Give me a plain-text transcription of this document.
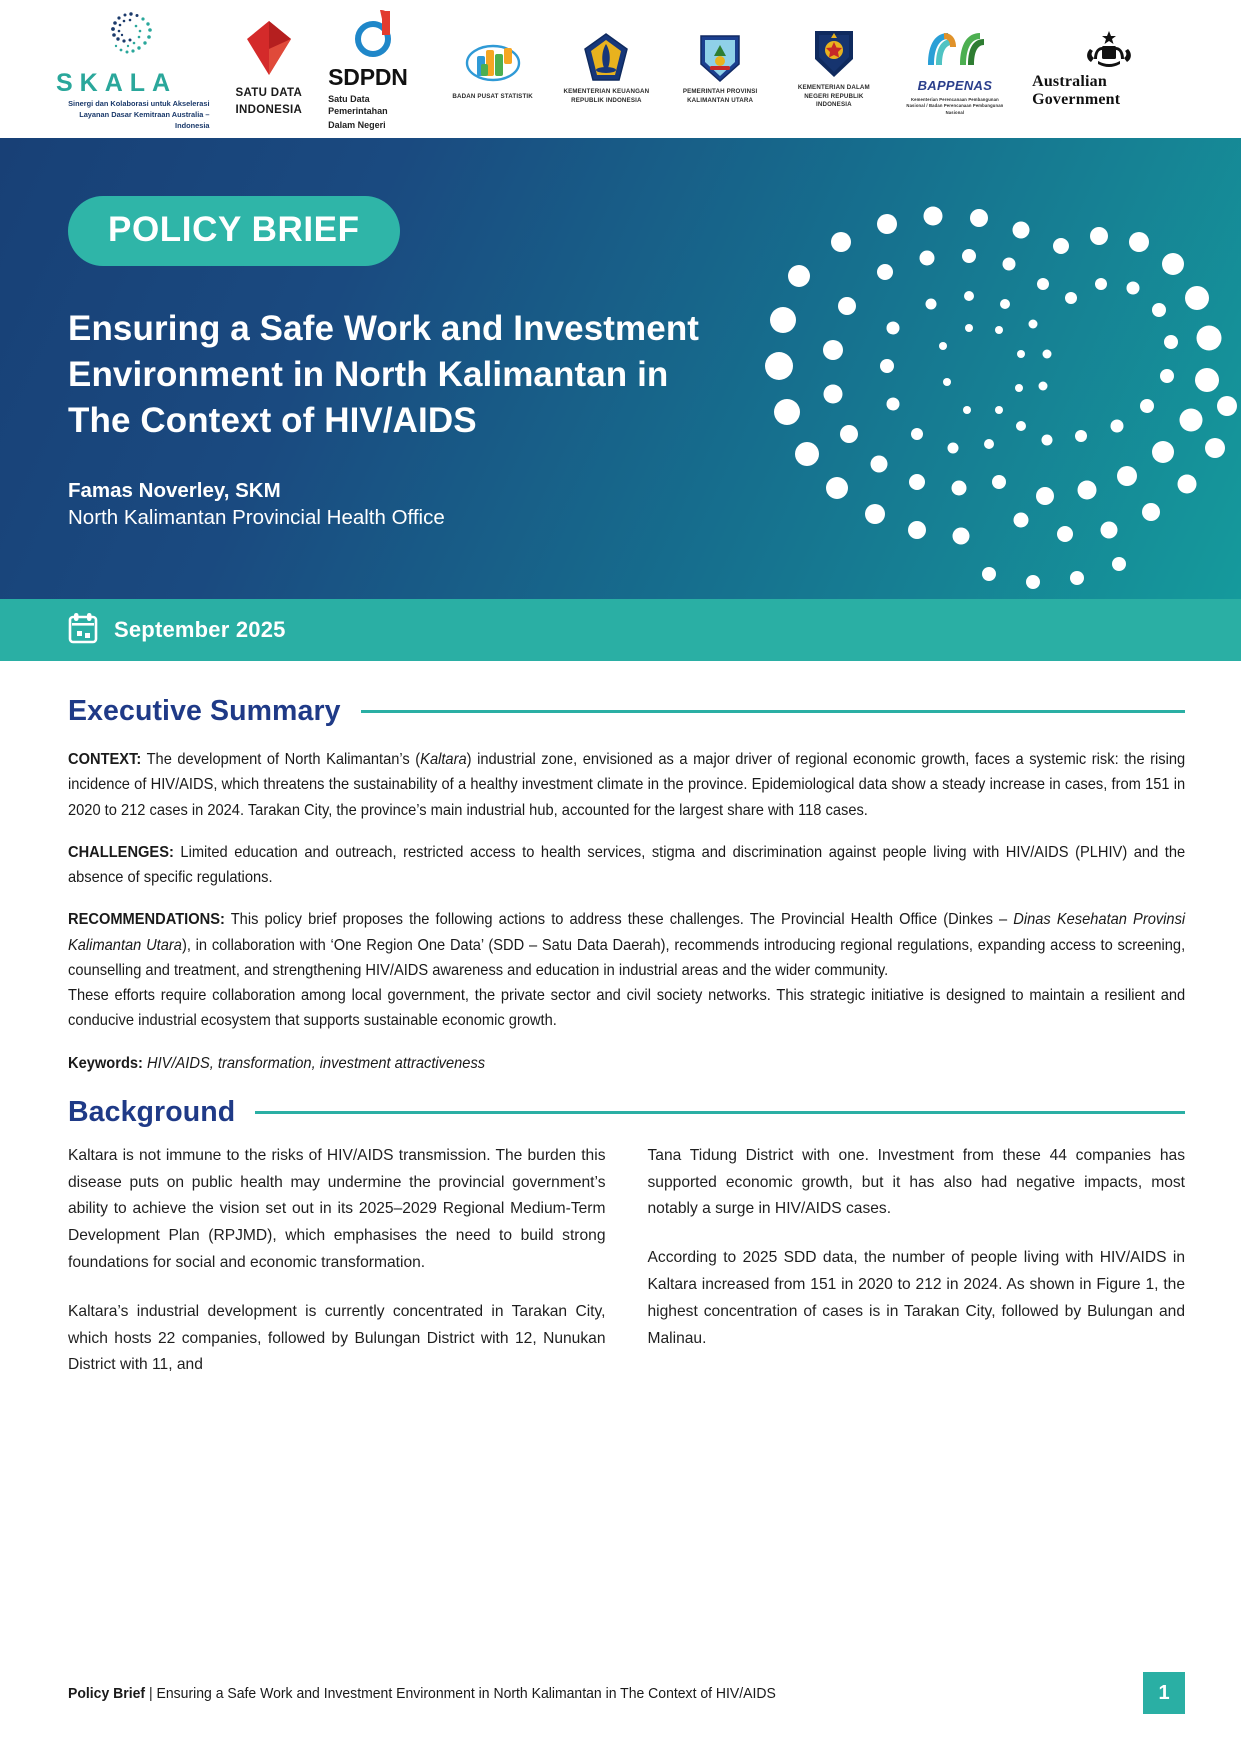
SKALA
Sinergi dan Kolaborasi untuk Akselerasi Layanan Dasar Kemitraan Australia – Indonesia
SATU DATA
INDONESIA
SDPDN
Satu Data Pemerintahan
Dalam Negeri
BADAN PUSAT STATISTIK
KEMENTERIAN KEUANGAN REPUBLIK INDONESIA
PEMERINTAH PROVINSI KALIMANTAN UTARA
KEMENTERIAN DALAM NEGERI REPUBLIK INDONESIA
BAPPENAS
Kementerian Perencanaan Pembangunan Nasional / Badan Perencanaan Pembangunan Nasional
Australian Government
POLICY BRIEF
Ensuring a Safe Work and Investment Environment in North Kalimantan in The Context of HIV/AIDS
Famas Noverley, SKM
North Kalimantan Provincial Health Office
September 2025
Executive Summary

CONTEXT: The development of North Kalimantan’s (Kaltara) industrial zone, envisioned as a major driver of regional economic growth, faces a systemic risk: the rising incidence of HIV/AIDS, which threatens the sustainability of a healthy investment climate in the province. Epidemiological data show a steady increase in cases, from 151 in 2020 to 212 cases in 2024. Tarakan City, the province’s main industrial hub, accounted for the largest share with 118 cases.

CHALLENGES: Limited education and outreach, restricted access to health services, stigma and discrimination against people living with HIV/AIDS (PLHIV) and the absence of specific regulations.

RECOMMENDATIONS: This policy brief proposes the following actions to address these challenges. The Provincial Health Office (Dinkes – Dinas Kesehatan Provinsi Kalimantan Utara), in collaboration with ‘One Region One Data’ (SDD – Satu Data Daerah), recommends introducing regional regulations, expanding access to screening, counselling and treatment, and strengthening HIV/AIDS awareness and education in industrial areas and the wider community.
These efforts require collaboration among local government, the private sector and civil society networks. This strategic initiative is designed to maintain a resilient and conducive industrial ecosystem that supports sustainable economic growth.

Keywords: HIV/AIDS, transformation, investment attractiveness

Background

Kaltara is not immune to the risks of HIV/AIDS transmission. The burden this disease puts on public health may undermine the provincial government’s ability to achieve the vision set out in its 2025–2029 Regional Medium-Term Development Plan (RPJMD), which emphasises the need to build strong foundations for social and economic transformation.

Kaltara’s industrial development is currently concentrated in Tarakan City, which hosts 22 companies, followed by Bulungan District with 12, Nunukan District with 11, and

Tana Tidung District with one. Investment from these 44 companies has supported economic growth, but it has also had negative impacts, most notably a surge in HIV/AIDS cases.

According to 2025 SDD data, the number of people living with HIV/AIDS in Kaltara increased from 151 in 2020 to 212 in 2024. As shown in Figure 1, the highest concentration of cases is in Tarakan City, followed by Bulungan and Malinau.

Policy Brief | Ensuring a Safe Work and Investment Environment in North Kalimantan in The Context of HIV/AIDS	1
